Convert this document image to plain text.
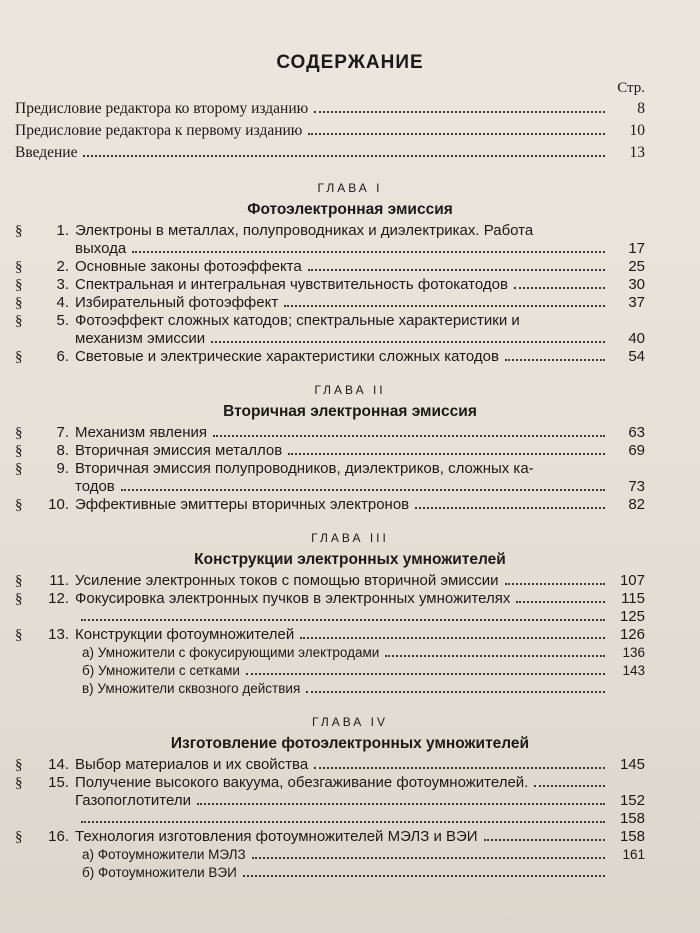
СОДЕРЖАНИЕ
Стр.
Предисловие редактора ко второму изданию	8
Предисловие редактора к первому изданию	10
Введение	13
ГЛАВА I
Фотоэлектронная эмиссия
§	1. Электроны в металлах, полупроводниках и диэлектриках. Работа
выхода	17
§	2. Основные законы фотоэффекта	25
§	3. Спектральная и интегральная чувствительность фотокатодов	30
§	4. Избирательный фотоэффект	37
§	5. Фотоэффект сложных катодов; спектральные характеристики и
механизм эмиссии	40
§	6. Световые и электрические характеристики сложных катодов	54
ГЛАВА II
Вторичная электронная эмиссия
§	7. Механизм явления	63
§	8. Вторичная эмиссия металлов	69
§	9. Вторичная эмиссия полупроводников, диэлектриков, сложных ка-
тодов	73
§	10. Эффективные эмиттеры вторичных электронов	82
ГЛАВА III
Конструкции электронных умножителей
§	11. Усиление электронных токов с помощью вторичной эмиссии	107
§	12. Фокусировка электронных пучков в электронных умножителях	115
125
§	13. Конструкции фотоумножителей	126
а) Умножители с фокусирующими электродами	136
б) Умножители с сетками	143
в) Умножители сквозного действия
ГЛАВА IV
Изготовление фотоэлектронных умножителей
§	14. Выбор материалов и их свойства	145
§	15. Получение высокого вакуума, обезгаживание фотоумножителей.
Газопоглотители	152
158
§	16. Технология изготовления фотоумножителей МЭЛЗ и ВЭИ	158
а) Фотоумножители МЭЛЗ	161
б) Фотоумножители ВЭИ
